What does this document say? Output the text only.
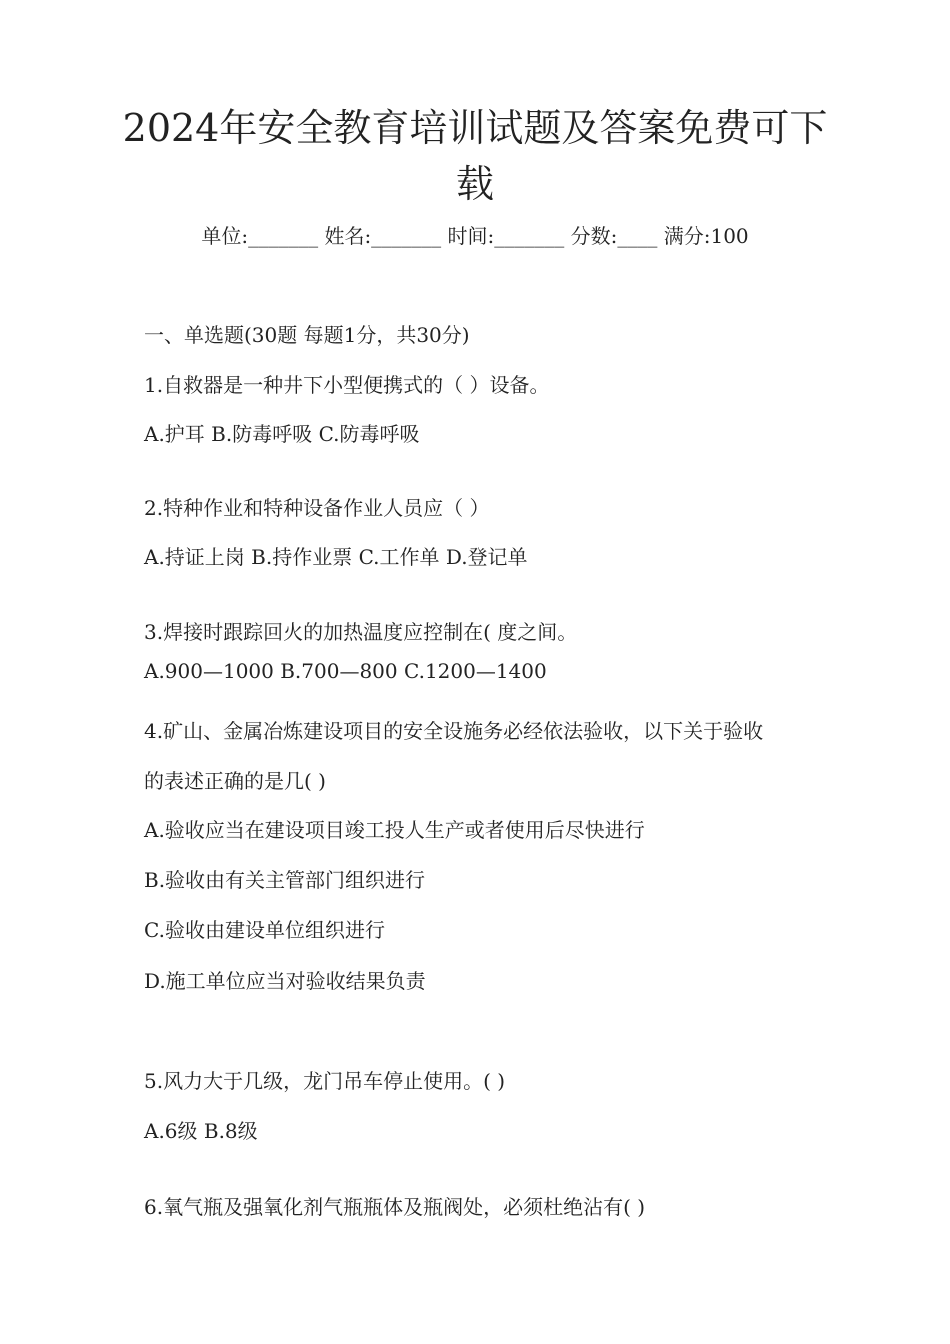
2024年安全教育培训试题及答案免费可下
载
单位:_______ 姓名:_______ 时间:_______ 分数:____ 满分:100
一、单选题(30题 每题1分，共30分)
1.自救器是一种井下小型便携式的（ ）设备。
A.护耳 B.防毒呼吸 C.防毒呼吸
2.特种作业和特种设备作业人员应（ ）
A.持证上岗 B.持作业票 C.工作单 D.登记单
3.焊接时跟踪回火的加热温度应控制在( 度之间。
A.900—1000 B.700—800 C.1200—1400
4.矿山、金属冶炼建设项目的安全设施务必经依法验收，以下关于验收
的表述正确的是几( )
A.验收应当在建设项目竣工投人生产或者使用后尽快进行
B.验收由有关主管部门组织进行
C.验收由建设单位组织进行
D.施工单位应当对验收结果负责
5.风力大于几级，龙门吊车停止使用。( )
A.6级 B.8级
6.氧气瓶及强氧化剂气瓶瓶体及瓶阀处，必须杜绝沾有( )
